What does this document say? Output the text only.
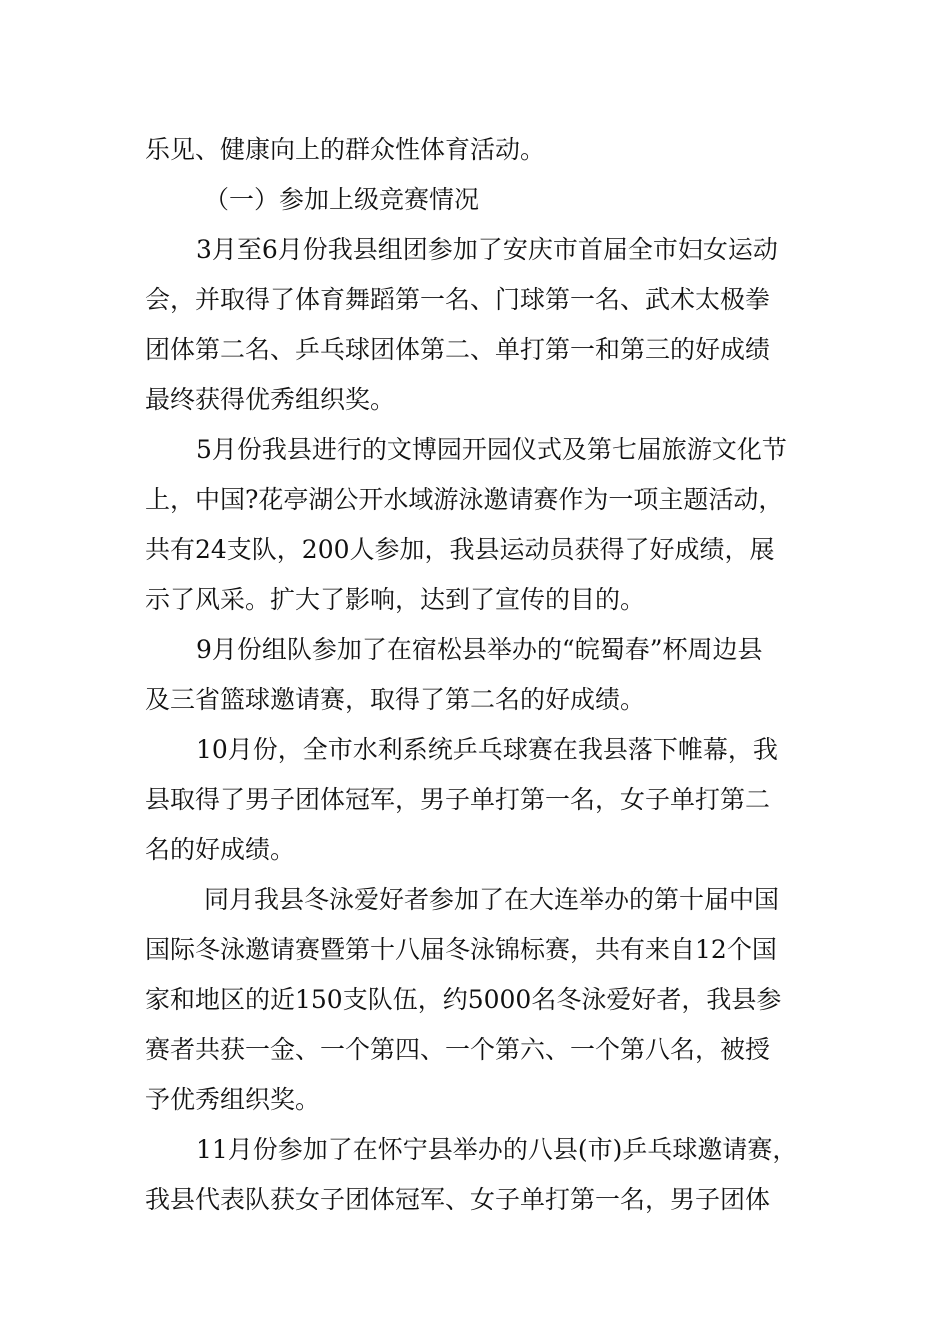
乐见、健康向上的群众性体育活动。

（一）参加上级竞赛情况

3月至6月份我县组团参加了安庆市首届全市妇女运动

会，并取得了体育舞蹈第一名、门球第一名、武术太极拳

团体第二名、乒乓球团体第二、单打第一和第三的好成绩

最终获得优秀组织奖。

5月份我县进行的文博园开园仪式及第七届旅游文化节

上，中国?花亭湖公开水域游泳邀请赛作为一项主题活动，

共有24支队，200人参加，我县运动员获得了好成绩，展

示了风采。扩大了影响，达到了宣传的目的。

9月份组队参加了在宿松县举办的“皖蜀春”杯周边县

及三省篮球邀请赛，取得了第二名的好成绩。

10月份，全市水利系统乒乓球赛在我县落下帷幕，我

县取得了男子团体冠军，男子单打第一名，女子单打第二

名的好成绩。

同月我县冬泳爱好者参加了在大连举办的第十届中国

国际冬泳邀请赛暨第十八届冬泳锦标赛，共有来自12个国

家和地区的近150支队伍，约5000名冬泳爱好者，我县参

赛者共获一金、一个第四、一个第六、一个第八名，被授

予优秀组织奖。

11月份参加了在怀宁县举办的八县(市)乒乓球邀请赛，

我县代表队获女子团体冠军、女子单打第一名，男子团体
